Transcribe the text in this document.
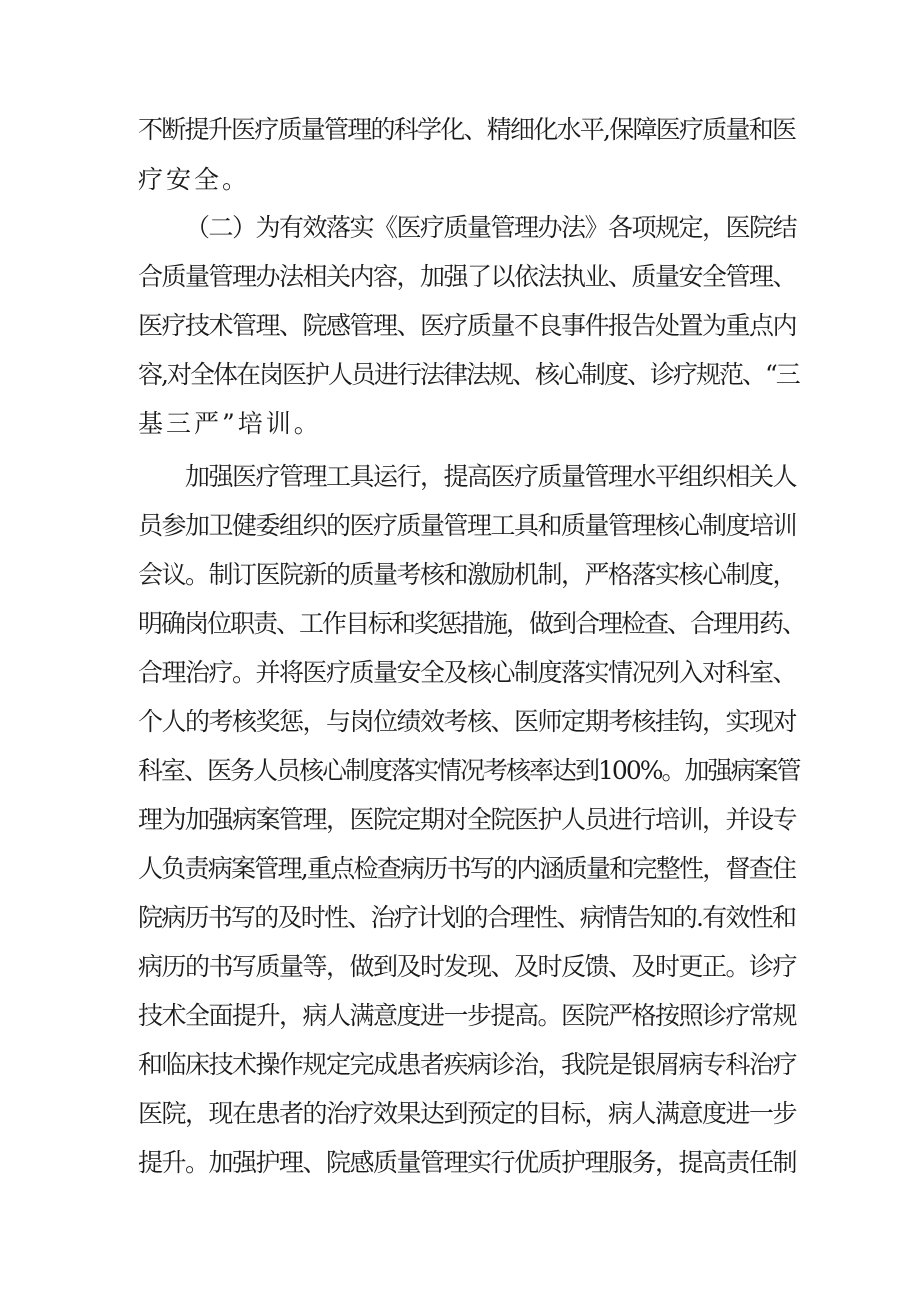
不断提升医疗质量管理的科学化、精细化水平,保障医疗质量和医
疗安全。
（二）为有效落实《医疗质量管理办法》各项规定，医院结
合质量管理办法相关内容，加强了以依法执业、质量安全管理、
医疗技术管理、院感管理、医疗质量不良事件报告处置为重点内
容,对全体在岗医护人员进行法律法规、核心制度、诊疗规范、“三
基三严”培训。
加强医疗管理工具运行，提高医疗质量管理水平组织相关人
员参加卫健委组织的医疗质量管理工具和质量管理核心制度培训
会议。制订医院新的质量考核和激励机制，严格落实核心制度，
明确岗位职责、工作目标和奖惩措施，做到合理检查、合理用药、
合理治疗。并将医疗质量安全及核心制度落实情况列入对科室、
个人的考核奖惩，与岗位绩效考核、医师定期考核挂钩，实现对
科室、医务人员核心制度落实情况考核率达到100%。加强病案管
理为加强病案管理，医院定期对全院医护人员进行培训，并设专
人负责病案管理,重点检查病历书写的内涵质量和完整性，督查住
院病历书写的及时性、治疗计划的合理性、病情告知的.有效性和
病历的书写质量等，做到及时发现、及时反馈、及时更正。诊疗
技术全面提升，病人满意度进一步提高。医院严格按照诊疗常规
和临床技术操作规定完成患者疾病诊治，我院是银屑病专科治疗
医院，现在患者的治疗效果达到预定的目标，病人满意度进一步
提升。加强护理、院感质量管理实行优质护理服务，提高责任制
